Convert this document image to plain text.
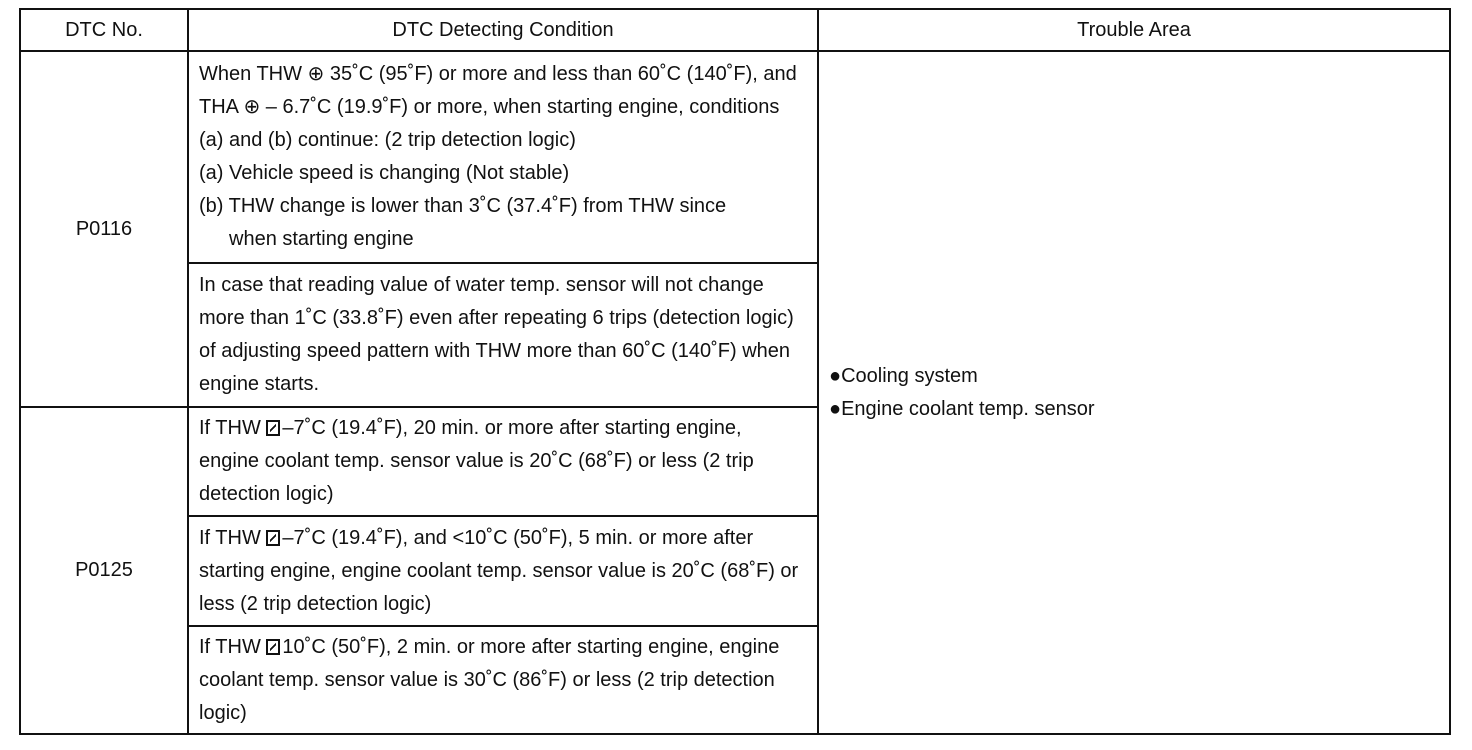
DTC No.	DTC Detecting Condition	Trouble Area
P0116	When THW ⊕ 35˚C (95˚F) or more and less than 60˚C (140˚F), and THA ⊕ – 6.7˚C (19.9˚F) or more, when starting engine, conditions (a) and (b) continue: (2 trip detection logic)
(a) Vehicle speed is changing (Not stable)
(b) THW change is lower than 3˚C (37.4˚F) from THW since
when starting engine	●Cooling system
●Engine coolant temp. sensor

	In case that reading value of water temp. sensor will not change more than 1˚C (33.8˚F) even after repeating 6 trips (detection logic) of adjusting speed pattern with THW more than 60˚C (140˚F) when engine starts.	
P0125	If THW –7˚C (19.4˚F), 20 min. or more after starting engine, engine coolant temp. sensor value is 20˚C (68˚F) or less (2 trip detection logic)	
	If THW –7˚C (19.4˚F), and <10˚C (50˚F), 5 min. or more after starting engine, engine coolant temp. sensor value is 20˚C (68˚F) or less (2 trip detection logic)	
	If THW 10˚C (50˚F), 2 min. or more after starting engine, engine coolant temp. sensor value is 30˚C (86˚F) or less (2 trip detection logic)	
